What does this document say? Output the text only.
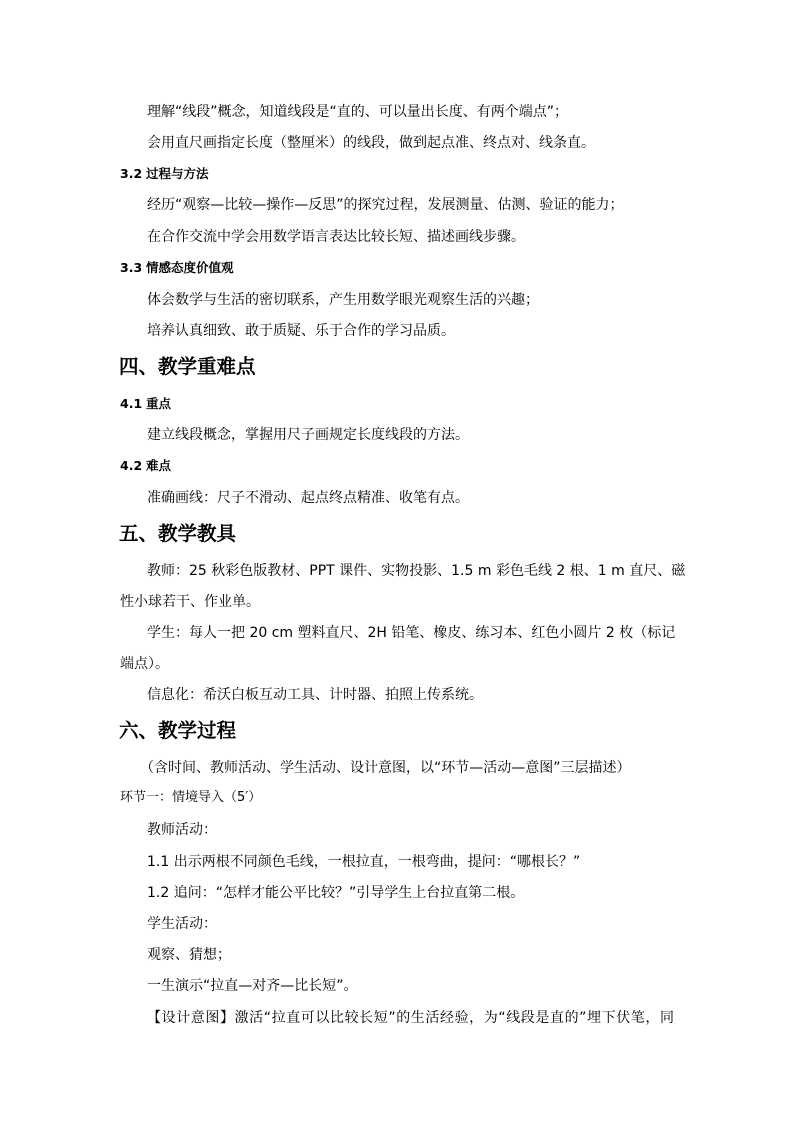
理解“线段”概念，知道线段是“直的、可以量出长度、有两个端点”；
会用直尺画指定长度（整厘米）的线段，做到起点准、终点对、线条直。
3.2 过程与方法
经历“观察—比较—操作—反思”的探究过程，发展测量、估测、验证的能力；
在合作交流中学会用数学语言表达比较长短、描述画线步骤。
3.3 情感态度价值观
体会数学与生活的密切联系，产生用数学眼光观察生活的兴趣；
培养认真细致、敢于质疑、乐于合作的学习品质。
四、教学重难点
4.1 重点
建立线段概念，掌握用尺子画规定长度线段的方法。
4.2 难点
准确画线：尺子不滑动、起点终点精准、收笔有点。
五、教学教具
教师：25 秋彩色版教材、PPT 课件、实物投影、1.5 m 彩色毛线 2 根、1 m 直尺、磁
性小球若干、作业单。
学生：每人一把 20 cm 塑料直尺、2H 铅笔、橡皮、练习本、红色小圆片 2 枚（标记
端点）。
信息化：希沃白板互动工具、计时器、拍照上传系统。
六、教学过程
（含时间、教师活动、学生活动、设计意图，以“环节—活动—意图”三层描述）
环节一：情境导入（5′）
教师活动：
1.1 出示两根不同颜色毛线，一根拉直，一根弯曲，提问：“哪根长？”
1.2 追问：“怎样才能公平比较？”引导学生上台拉直第二根。
学生活动：
观察、猜想；
一生演示“拉直—对齐—比长短”。
【设计意图】激活“拉直可以比较长短”的生活经验，为“线段是直的”埋下伏笔，同
